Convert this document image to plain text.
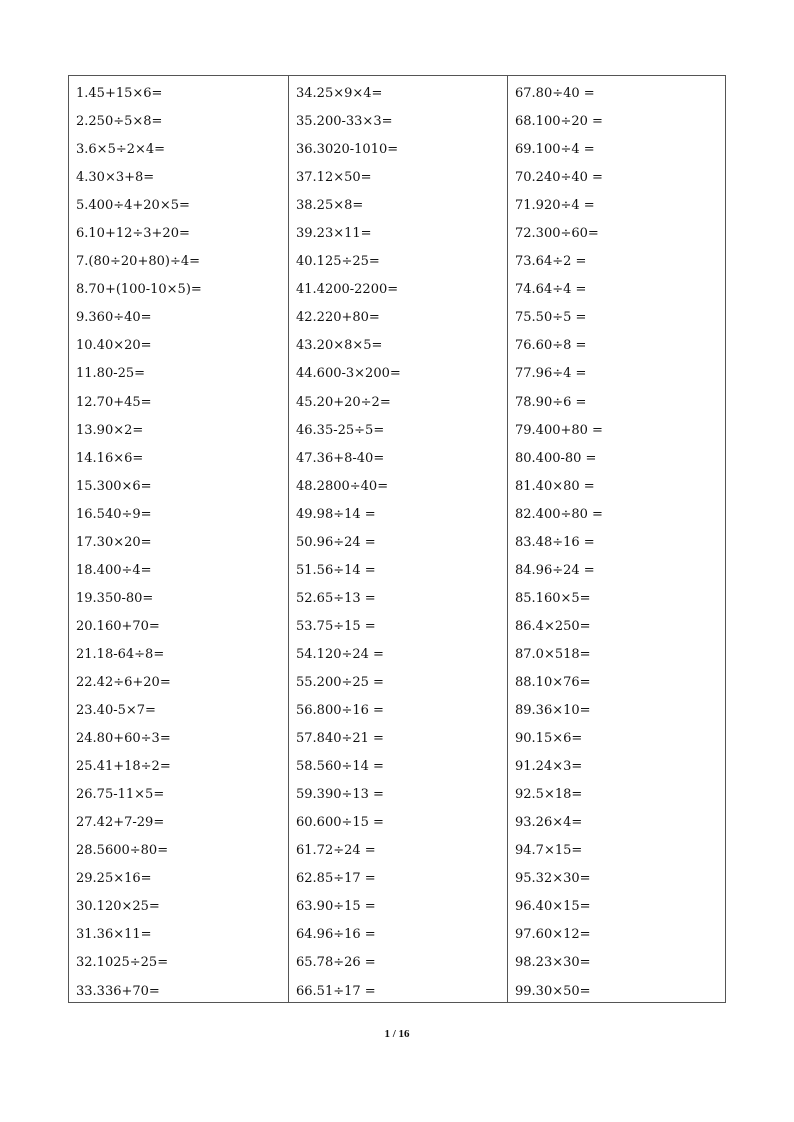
1.45+15×6=
2.250÷5×8=
3.6×5÷2×4=
4.30×3+8=
5.400÷4+20×5=
6.10+12÷3+20=
7.(80÷20+80)÷4=
8.70+(100-10×5)=
9.360÷40=
10.40×20=
11.80-25=
12.70+45=
13.90×2=
14.16×6=
15.300×6=
16.540÷9=
17.30×20=
18.400÷4=
19.350-80=
20.160+70=
21.18-64÷8=
22.42÷6+20=
23.40-5×7=
24.80+60÷3=
25.41+18÷2=
26.75-11×5=
27.42+7-29=
28.5600÷80=
29.25×16=
30.120×25=
31.36×11=
32.1025÷25=
33.336+70=
34.25×9×4=
35.200-33×3=
36.3020-1010=
37.12×50=
38.25×8=
39.23×11=
40.125÷25=
41.4200-2200=
42.220+80=
43.20×8×5=
44.600-3×200=
45.20+20÷2=
46.35-25÷5=
47.36+8-40=
48.2800÷40=
49.98÷14 =
50.96÷24 =
51.56÷14 =
52.65÷13 =
53.75÷15 =
54.120÷24 =
55.200÷25 =
56.800÷16 =
57.840÷21 =
58.560÷14 =
59.390÷13 =
60.600÷15 =
61.72÷24 =
62.85÷17 =
63.90÷15 =
64.96÷16 =
65.78÷26 =
66.51÷17 =
67.80÷40 =
68.100÷20 =
69.100÷4 =
70.240÷40 =
71.920÷4 =
72.300÷60=
73.64÷2 =
74.64÷4 =
75.50÷5 =
76.60÷8 =
77.96÷4 =
78.90÷6 =
79.400+80 =
80.400-80 =
81.40×80 =
82.400÷80 =
83.48÷16 =
84.96÷24 =
85.160×5=
86.4×250=
87.0×518=
88.10×76=
89.36×10=
90.15×6=
91.24×3=
92.5×18=
93.26×4=
94.7×15=
95.32×30=
96.40×15=
97.60×12=
98.23×30=
99.30×50=
1 / 16
